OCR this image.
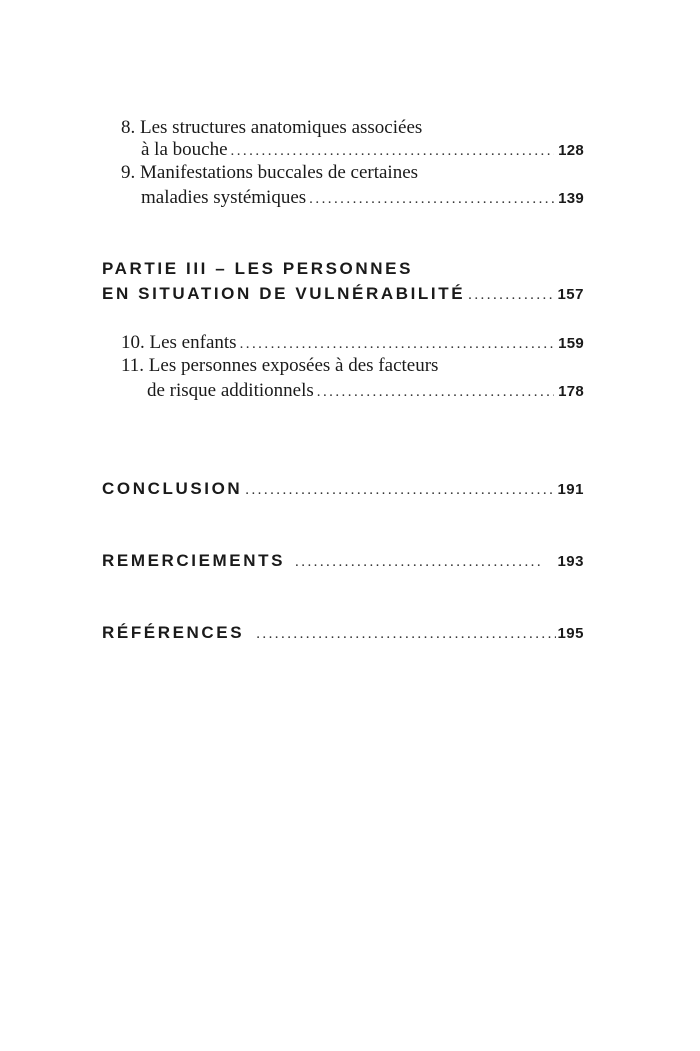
8. Les structures anatomiques associées
à la bouche . . .	128
9. Manifestations buccales de certaines
maladies systémiques . . .	139
PARTIE III – LES PERSONNES
EN SITUATION DE VULNÉRABILITÉ . . .	157
10. Les enfants . . .	159
11. Les personnes exposées à des facteurs
de risque additionnels . . .	178
CONCLUSION . . .	191
REMERCIEMENTS . . .	193
RÉFÉRENCES . . .	195
